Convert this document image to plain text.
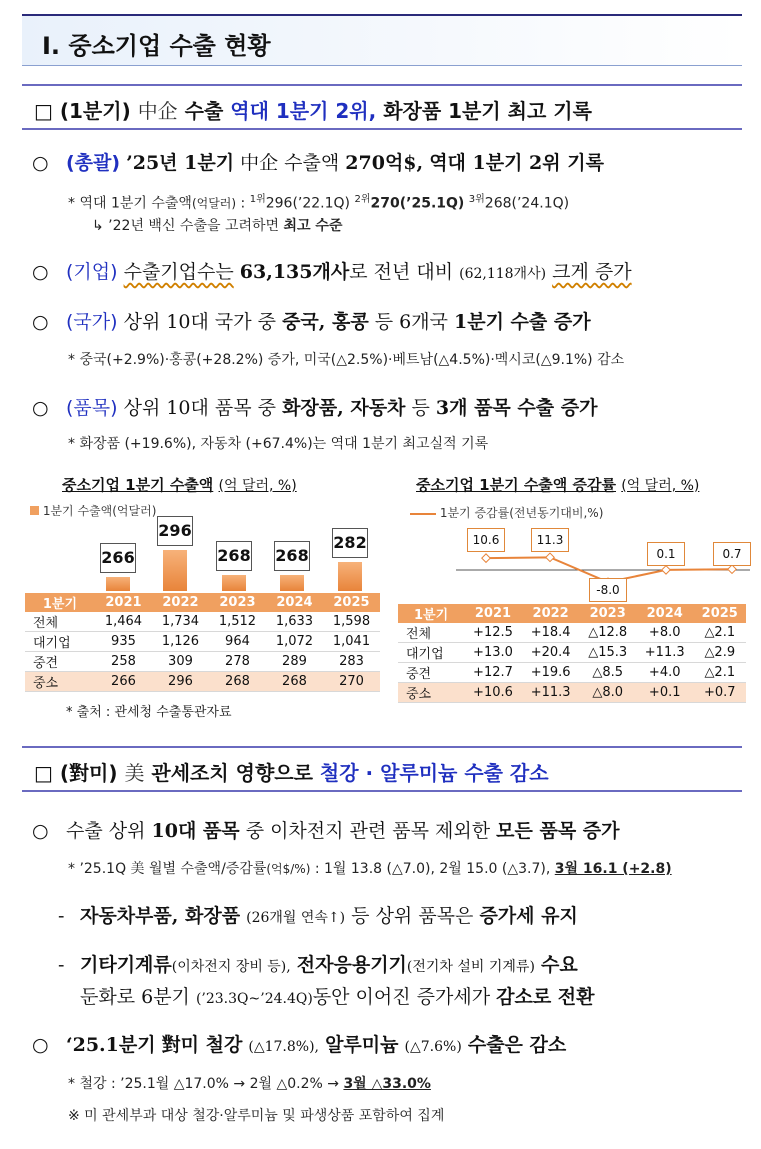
Ⅰ. 중소기업 수출 현황
□ (1분기) 中企 수출 역대 1분기 2위, 화장품 1분기 최고 기록
○ (총괄) ’25년 1분기 中企 수출액 270억$, 역대 1분기 2위 기록
* 역대 1분기 수출액(억달러) : $^{1위}$296(’22.1Q) $^{2위}$270(’25.1Q) $^{3위}$268(’24.1Q)
↳ ’22년 백신 수출을 고려하면 최고 수준
○ (기업) 수출기업수는 63,135개사로 전년 대비 (62,118개사) 크게 증가
○ (국가) 상위 10대 국가 중 중국, 홍콩 등 6개국 1분기 수출 증가
* 중국(+2.9%)·홍콩(+28.2%) 증가, 미국(△2.5%)·베트남(△4.5%)·멕시코(△9.1%) 감소
○ (품목) 상위 10대 품목 중 화장품, 자동차 등 3개 품목 수출 증가
* 화장품 (+19.6%), 자동차 (+67.4%)는 역대 1분기 최고실적 기록
중소기업 1분기 수출액 (억 달러, %)
1분기 수출액(억달러)
266
296
268 268
282
1분기	2021	2022	2023	2024	2025
전체	1,464	1,734	1,512	1,633	1,598
대기업	935	1,126	964	1,072	1,041
중견	258	309	278	289	283
중소	266	296	268	268	270
중소기업 1분기 수출액 증감률 (억 달러, %)
1분기 증감률(전년동기대비,%)
1분기	2021	2022	2023	2024	2025
전체	+12.5	+18.4	△12.8	+8.0	△2.1
대기업	+13.0	+20.4	△15.3	+11.3	△2.9
중견	+12.7	+19.6	△8.5	+4.0	△2.1
중소	+10.6	+11.3	△8.0	+0.1	+0.7
* 출처 : 관세청 수출통관자료
□ (對미) 美 관세조치 영향으로 철강 · 알루미늄 수출 감소
○ 수출 상위 10대 품목 중 이차전지 관련 품목 제외한 모든 품목 증가
* ’25.1Q 美 월별 수출액/증감률(억$/%) : 1월 13.8 (△7.0), 2월 15.0 (△3.7), 3월 16.1 (+2.8)
- 자동차부품, 화장품 (26개월 연속↑) 등 상위 품목은 증가세 유지
- 기타기계류(이차전지 장비 등), 전자응용기기(전기차 설비 기계류) 수요
둔화로 6분기 (’23.3Q~’24.4Q)동안 이어진 증가세가 감소로 전환
○ ‘25.1분기 對미 철강 (△17.8%), 알루미늄 (△7.6%) 수출은 감소
* 철강 : ’25.1월 △17.0% → 2월 △0.2% → 3월 △33.0%
※ 미 관세부과 대상 철강·알루미늄 및 파생상품 포함하여 집계
10.6	11.3
-8.0
0.1	0.7
